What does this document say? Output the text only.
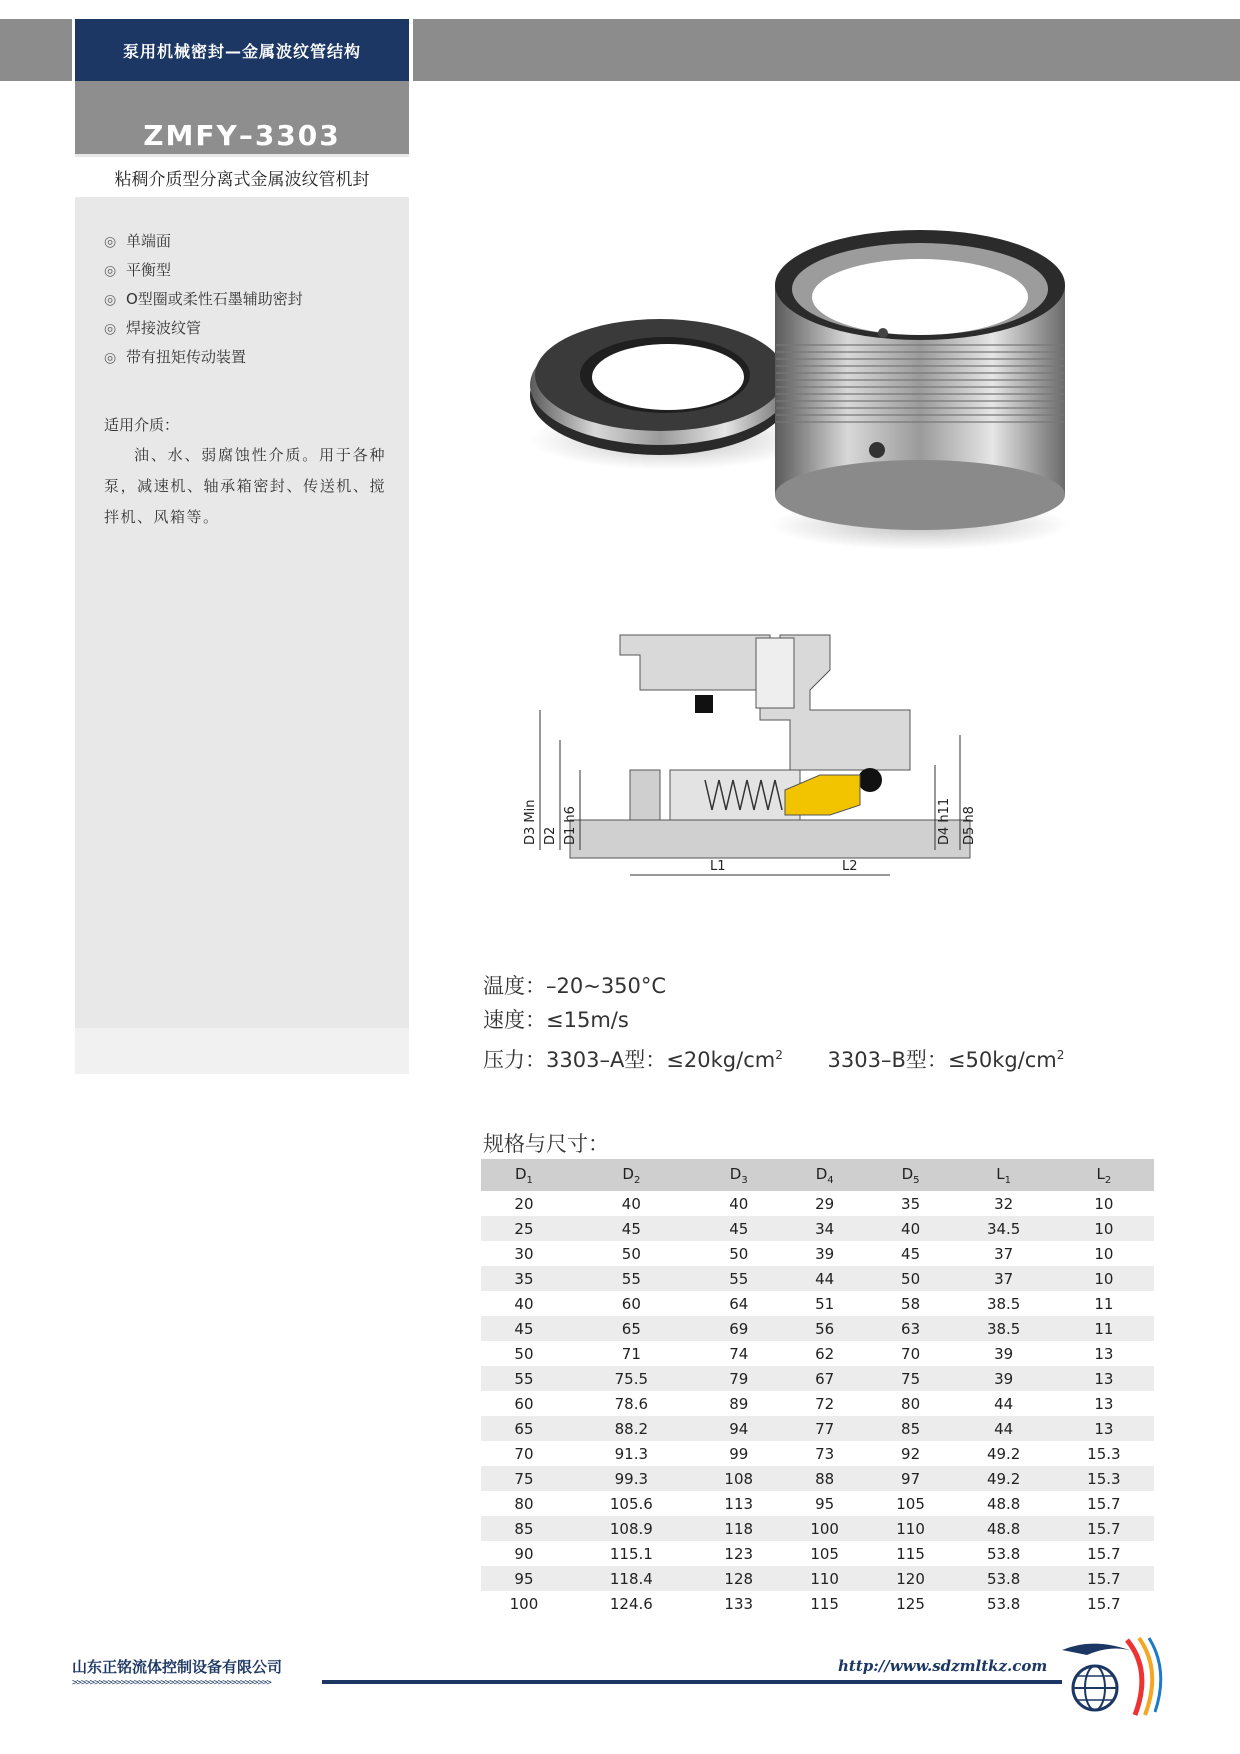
泵用机械密封—金属波纹管结构
ZMFY–3303
粘稠介质型分离式金属波纹管机封
◎ 单端面
◎ 平衡型
◎ O型圈或柔性石墨辅助密封
◎ 焊接波纹管
◎ 带有扭矩传动装置
适用介质：
油、水、弱腐蚀性介质。用于各种泵，减速机、轴承箱密封、传送机、搅拌机、风箱等。
D3 Min D2 D1 h6
L1	L2
D4 h11 D5 h8
温度：–20~350°C
速度：≤15m/s
压力：3303–A型：$\le 20kg/cm^2$ 3303–B型：$\le 50kg/cm^2$
规格与尺寸：
$D_1$	$D_2$	$D_3$	$D_4$	$D_5$	$L_1$	$L_2$
20	40	40	29	35	32	10
25	45	45	34	40	34.5	10
30	50	50	39	45	37	10
35	55	55	44	50	37	10
40	60	64	51	58	38.5	11
45	65	69	56	63	38.5	11
50	71	74	62	70	39	13
55	75.5	79	67	75	39	13
60	78.6	89	72	80	44	13
65	88.2	94	77	85	44	13
70	91.3	99	73	92	49.2	15.3
75	99.3	108	88	97	49.2	15.3
80	105.6	113	95	105	48.8	15.7
85	108.9	118	100	110	48.8	15.7
90	115.1	123	105	115	53.8	15.7
95	118.4	128	110	120	53.8	15.7
100	124.6	133	115	125	53.8	15.7
山东正铭流体控制设备有限公司
>>>>>>>>>>>>>>>>>>>>>>>>>>>>>>>>>>>>>>>>>>>>>
http://www.sdzmltkz.com
